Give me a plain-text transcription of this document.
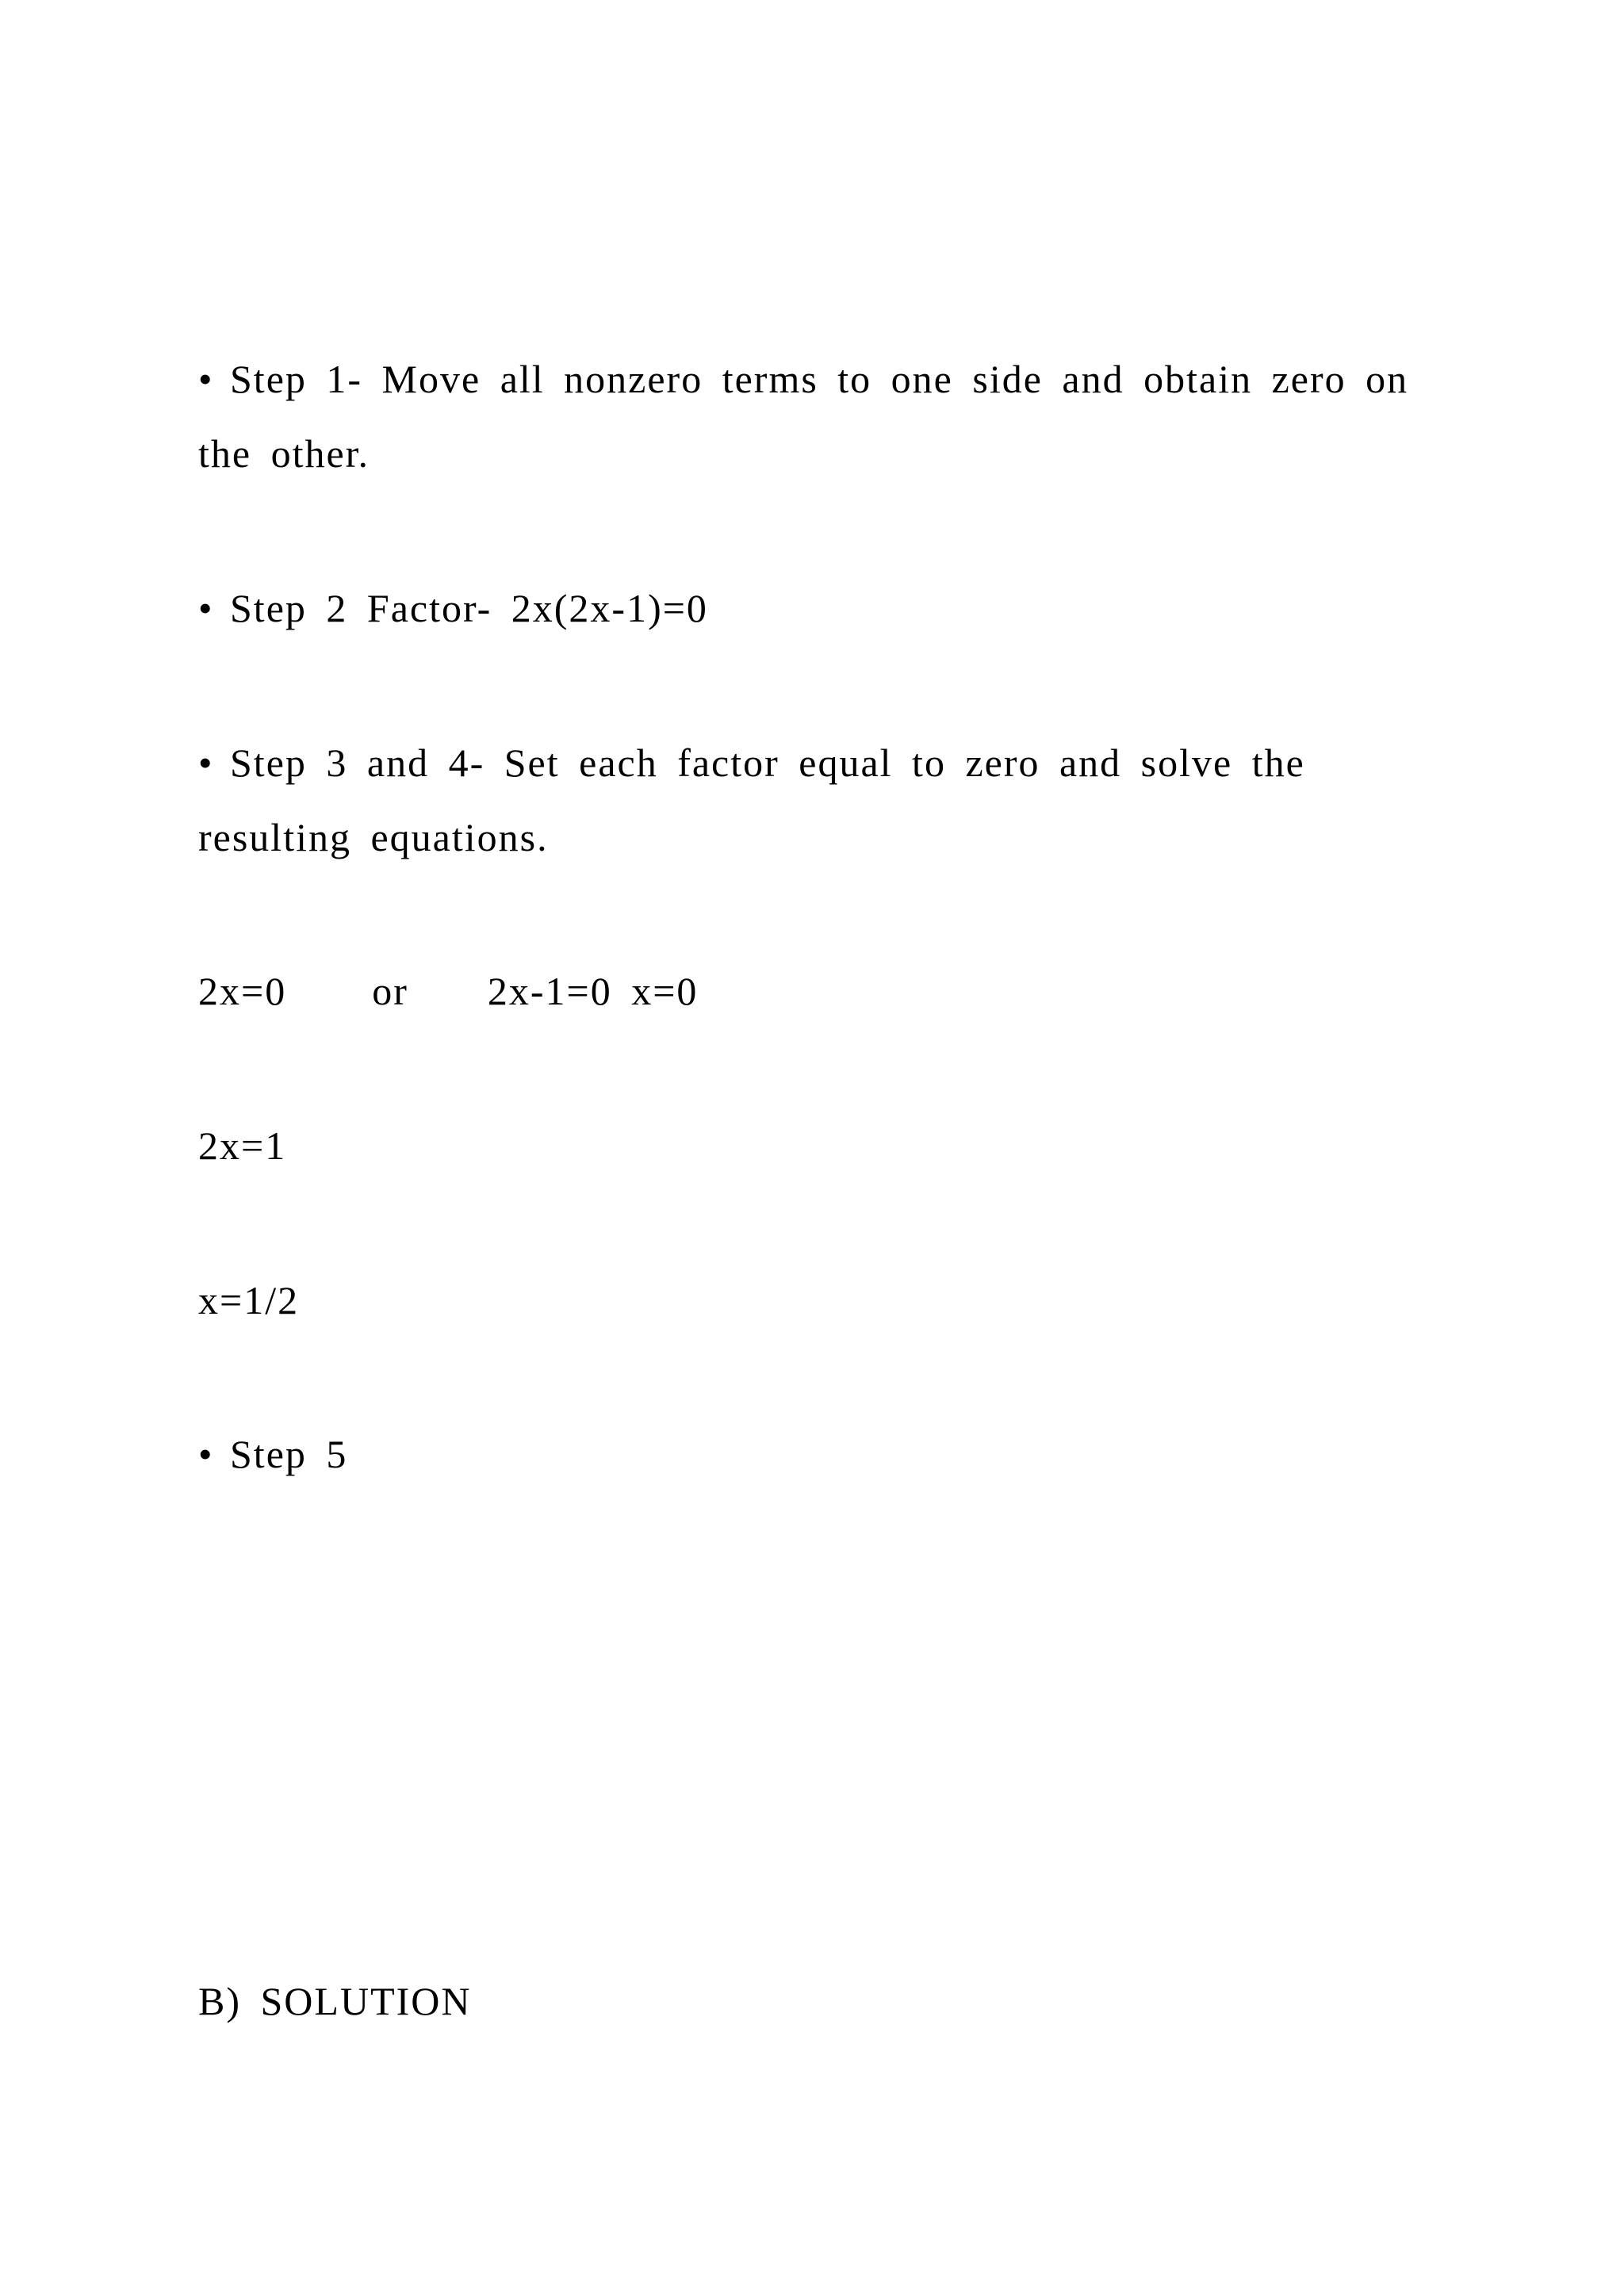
• Step 1- Move all nonzero terms to one side and obtain zero on
the other.
• Step 2 Factor- 2x(2x-1)=0
• Step 3 and 4- Set each factor equal to zero and solve the
resulting equations.
2x=0 or 2x-1=0 x=0
2x=1
x=1/2
• Step 5
B) SOLUTION
